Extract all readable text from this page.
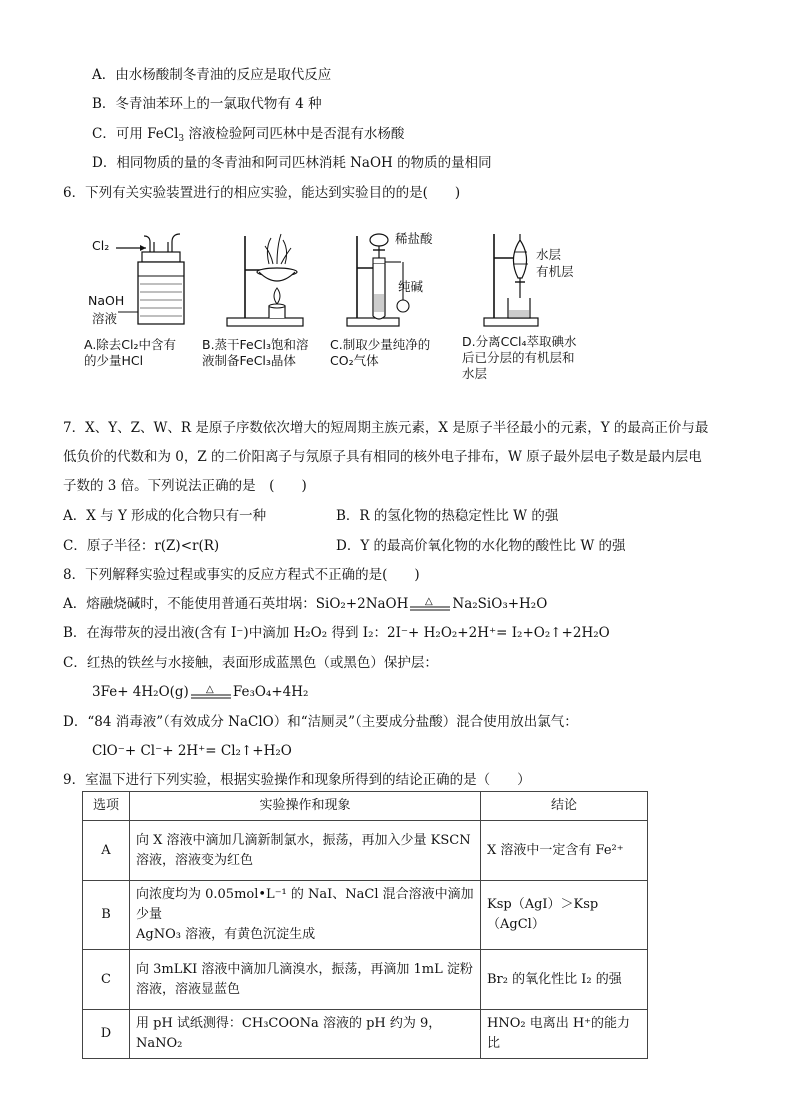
A．由水杨酸制冬青油的反应是取代反应
B．冬青油苯环上的一氯取代物有 4 种
C．可用 FeCl$_3$ 溶液检验阿司匹林中是否混有水杨酸
D．相同物质的量的冬青油和阿司匹林消耗 NaOH 的物质的量相同
6．下列有关实验装置进行的相应实验，能达到实验目的的是(　　)
Cl₂
NaOH
溶液
稀盐酸
纯碱
水层
有机层
A.除去Cl₂中含有
的少量HCl
B.蒸干FeCl₃饱和溶
液制备FeCl₃晶体
C.制取少量纯净的
CO₂气体
D.分离CCl₄萃取碘水
后已分层的有机层和
水层
7．X、Y、Z、W、R 是原子序数依次增大的短周期主族元素，X 是原子半径最小的元素，Y 的最高正价与最
低负价的代数和为 0，Z 的二价阳离子与氖原子具有相同的核外电子排布，W 原子最外层电子数是最内层电
子数的 3 倍。下列说法正确的是　(　　)
A．X 与 Y 形成的化合物只有一种	B．R 的氢化物的热稳定性比 W 的强
C．原子半径：r(Z)<r(R)	D．Y 的最高价氧化物的水化物的酸性比 W 的强
8．下列解释实验过程或事实的反应方程式不正确的是(　　)
A．熔融烧碱时，不能使用普通石英坩埚：SiO₂+2NaOH △ Na₂SiO₃+H₂O
B．在海带灰的浸出液(含有 I⁻)中滴加 H₂O₂ 得到 I₂：2I⁻+ H₂O₂+2H⁺= I₂+O₂↑+2H₂O
C．红热的铁丝与水接触，表面形成蓝黑色（或黑色）保护层：
3Fe+ 4H₂O(g) △ Fe₃O₄+4H₂
D．“84 消毒液”（有效成分 NaClO）和“洁厕灵”（主要成分盐酸）混合使用放出氯气：
ClO⁻+ Cl⁻+ 2H⁺= Cl₂↑+H₂O
9．室温下进行下列实验，根据实验操作和现象所得到的结论正确的是（　　）
选项	实验操作和现象	结论
A	向 X 溶液中滴加几滴新制氯水，振荡，再加入少量 KSCN
溶液，溶液变为红色	X 溶液中一定含有 Fe²⁺
B	向浓度均为 0.05mol•L⁻¹ 的 NaI、NaCl 混合溶液中滴加少量
AgNO₃ 溶液，有黄色沉淀生成	Ksp（AgI）＞Ksp（AgCl）
C	向 3mLKI 溶液中滴加几滴溴水，振荡，再滴加 1mL 淀粉
溶液，溶液显蓝色	Br₂ 的氧化性比 I₂ 的强
D	用 pH 试纸测得：CH₃COONa 溶液的 pH 约为 9，NaNO₂	HNO₂ 电离出 H⁺的能力比
